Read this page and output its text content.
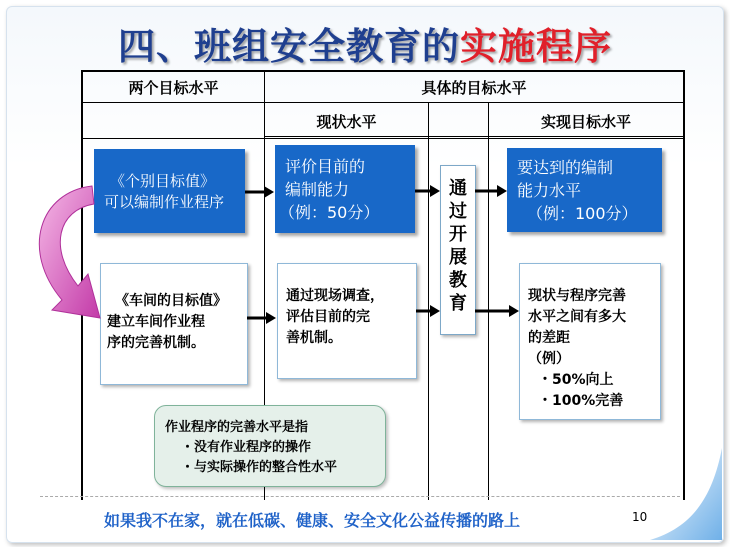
四、班组安全教育的实施程序
两个目标水平	具体的目标水平
现状水平	实现目标水平
《个别目标值》
可以编制作业程序
评价目前的
编制能力
（例：50分）
要达到的编制
能力水平
（例：100分）
通
过
开
展
教
育
《车间的目标值》
建立车间作业程
序的完善机制。
通过现场调查，
评估目前的完
善机制。
现状与程序完善
水平之间有多大
的差距
（例）
・50%向上
・100%完善
作业程序的完善水平是指
・没有作业程序的操作
・与实际操作的整合性水平
如果我不在家，就在低碳、健康、安全文化公益传播的路上	10
